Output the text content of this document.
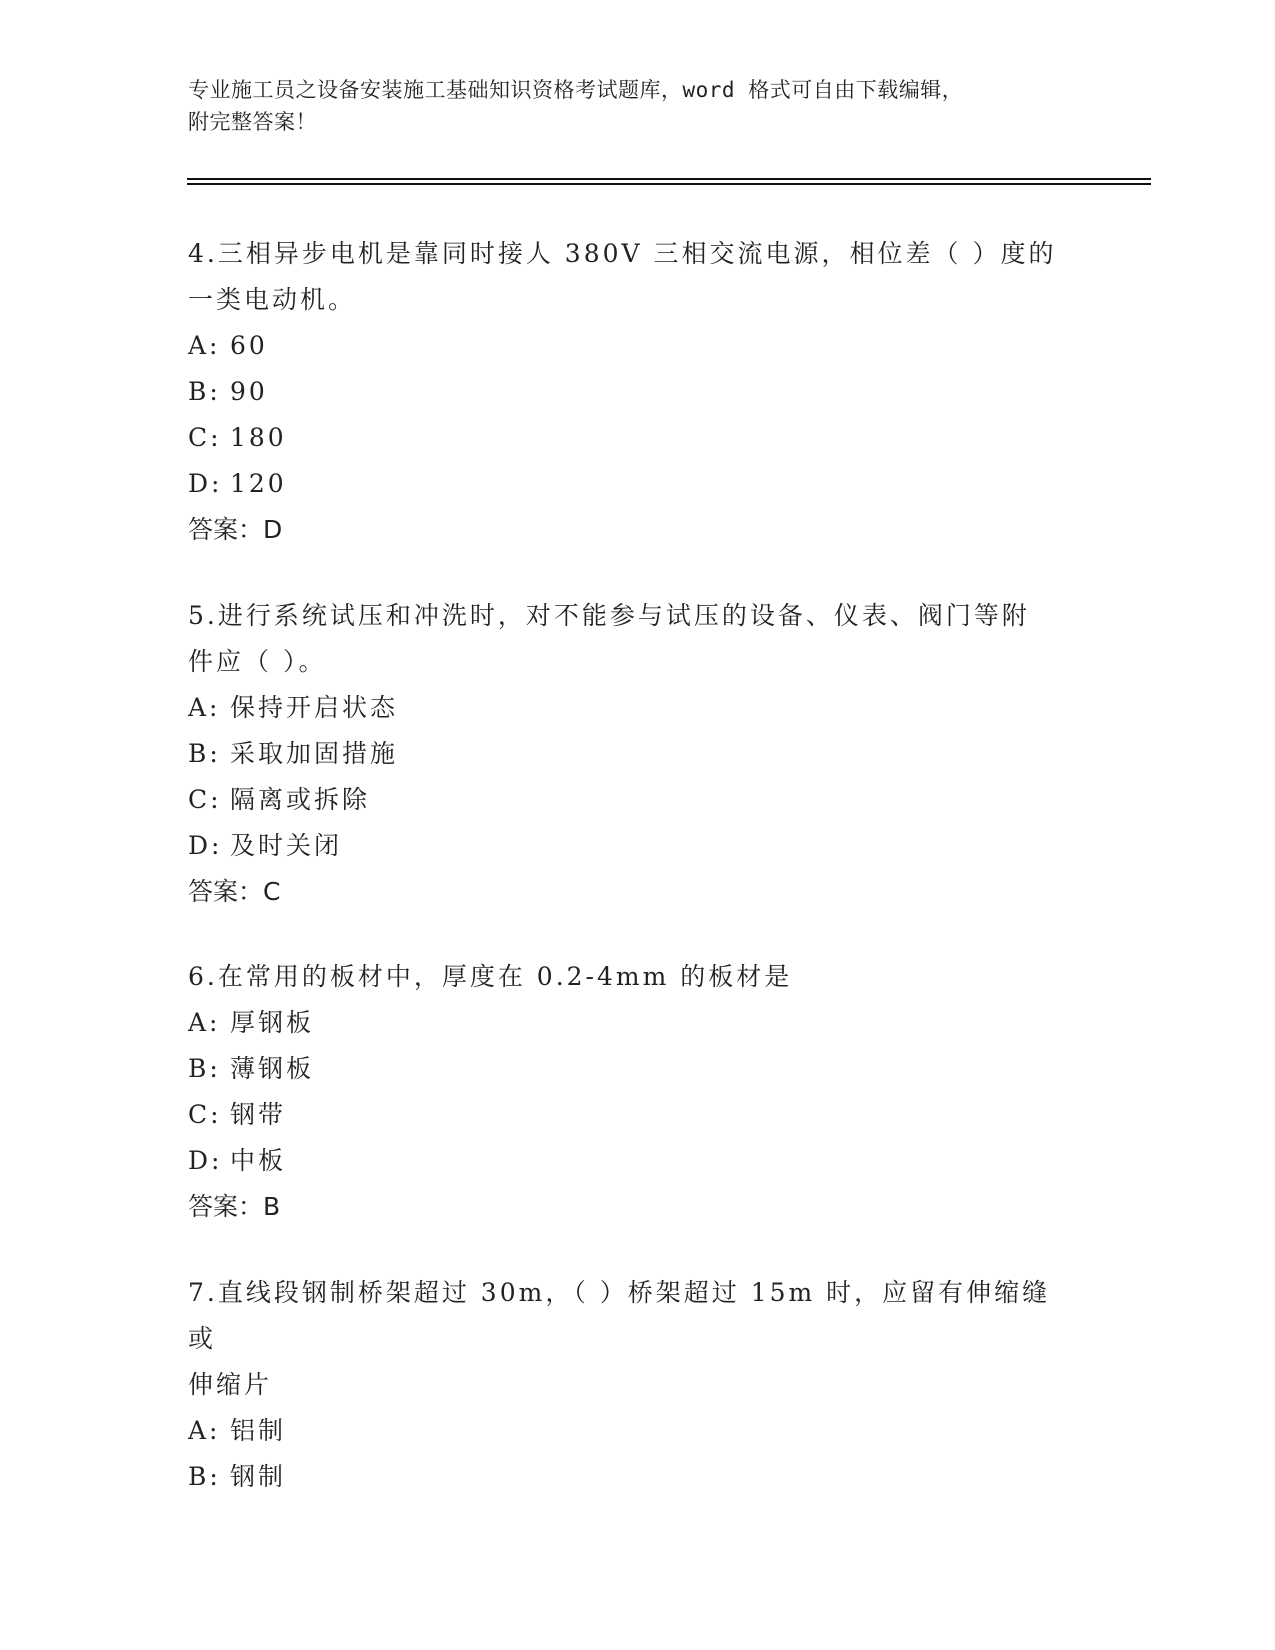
专业施工员之设备安装施工基础知识资格考试题库，word 格式可自由下载编辑，
附完整答案！
4.三相异步电机是靠同时接人 380V 三相交流电源，相位差（ ）度的
一类电动机。
A: 60
B: 90
C: 180
D: 120
答案：D
5.进行系统试压和冲洗时，对不能参与试压的设备、仪表、阀门等附
件应（ ）。
A: 保持开启状态
B: 采取加固措施
C: 隔离或拆除
D: 及时关闭
答案：C
6.在常用的板材中，厚度在 0.2-4mm 的板材是
A: 厚钢板
B: 薄钢板
C: 钢带
D: 中板
答案：B
7.直线段钢制桥架超过 30m，（ ）桥架超过 15m 时，应留有伸缩缝或
伸缩片
A: 铝制
B: 钢制
